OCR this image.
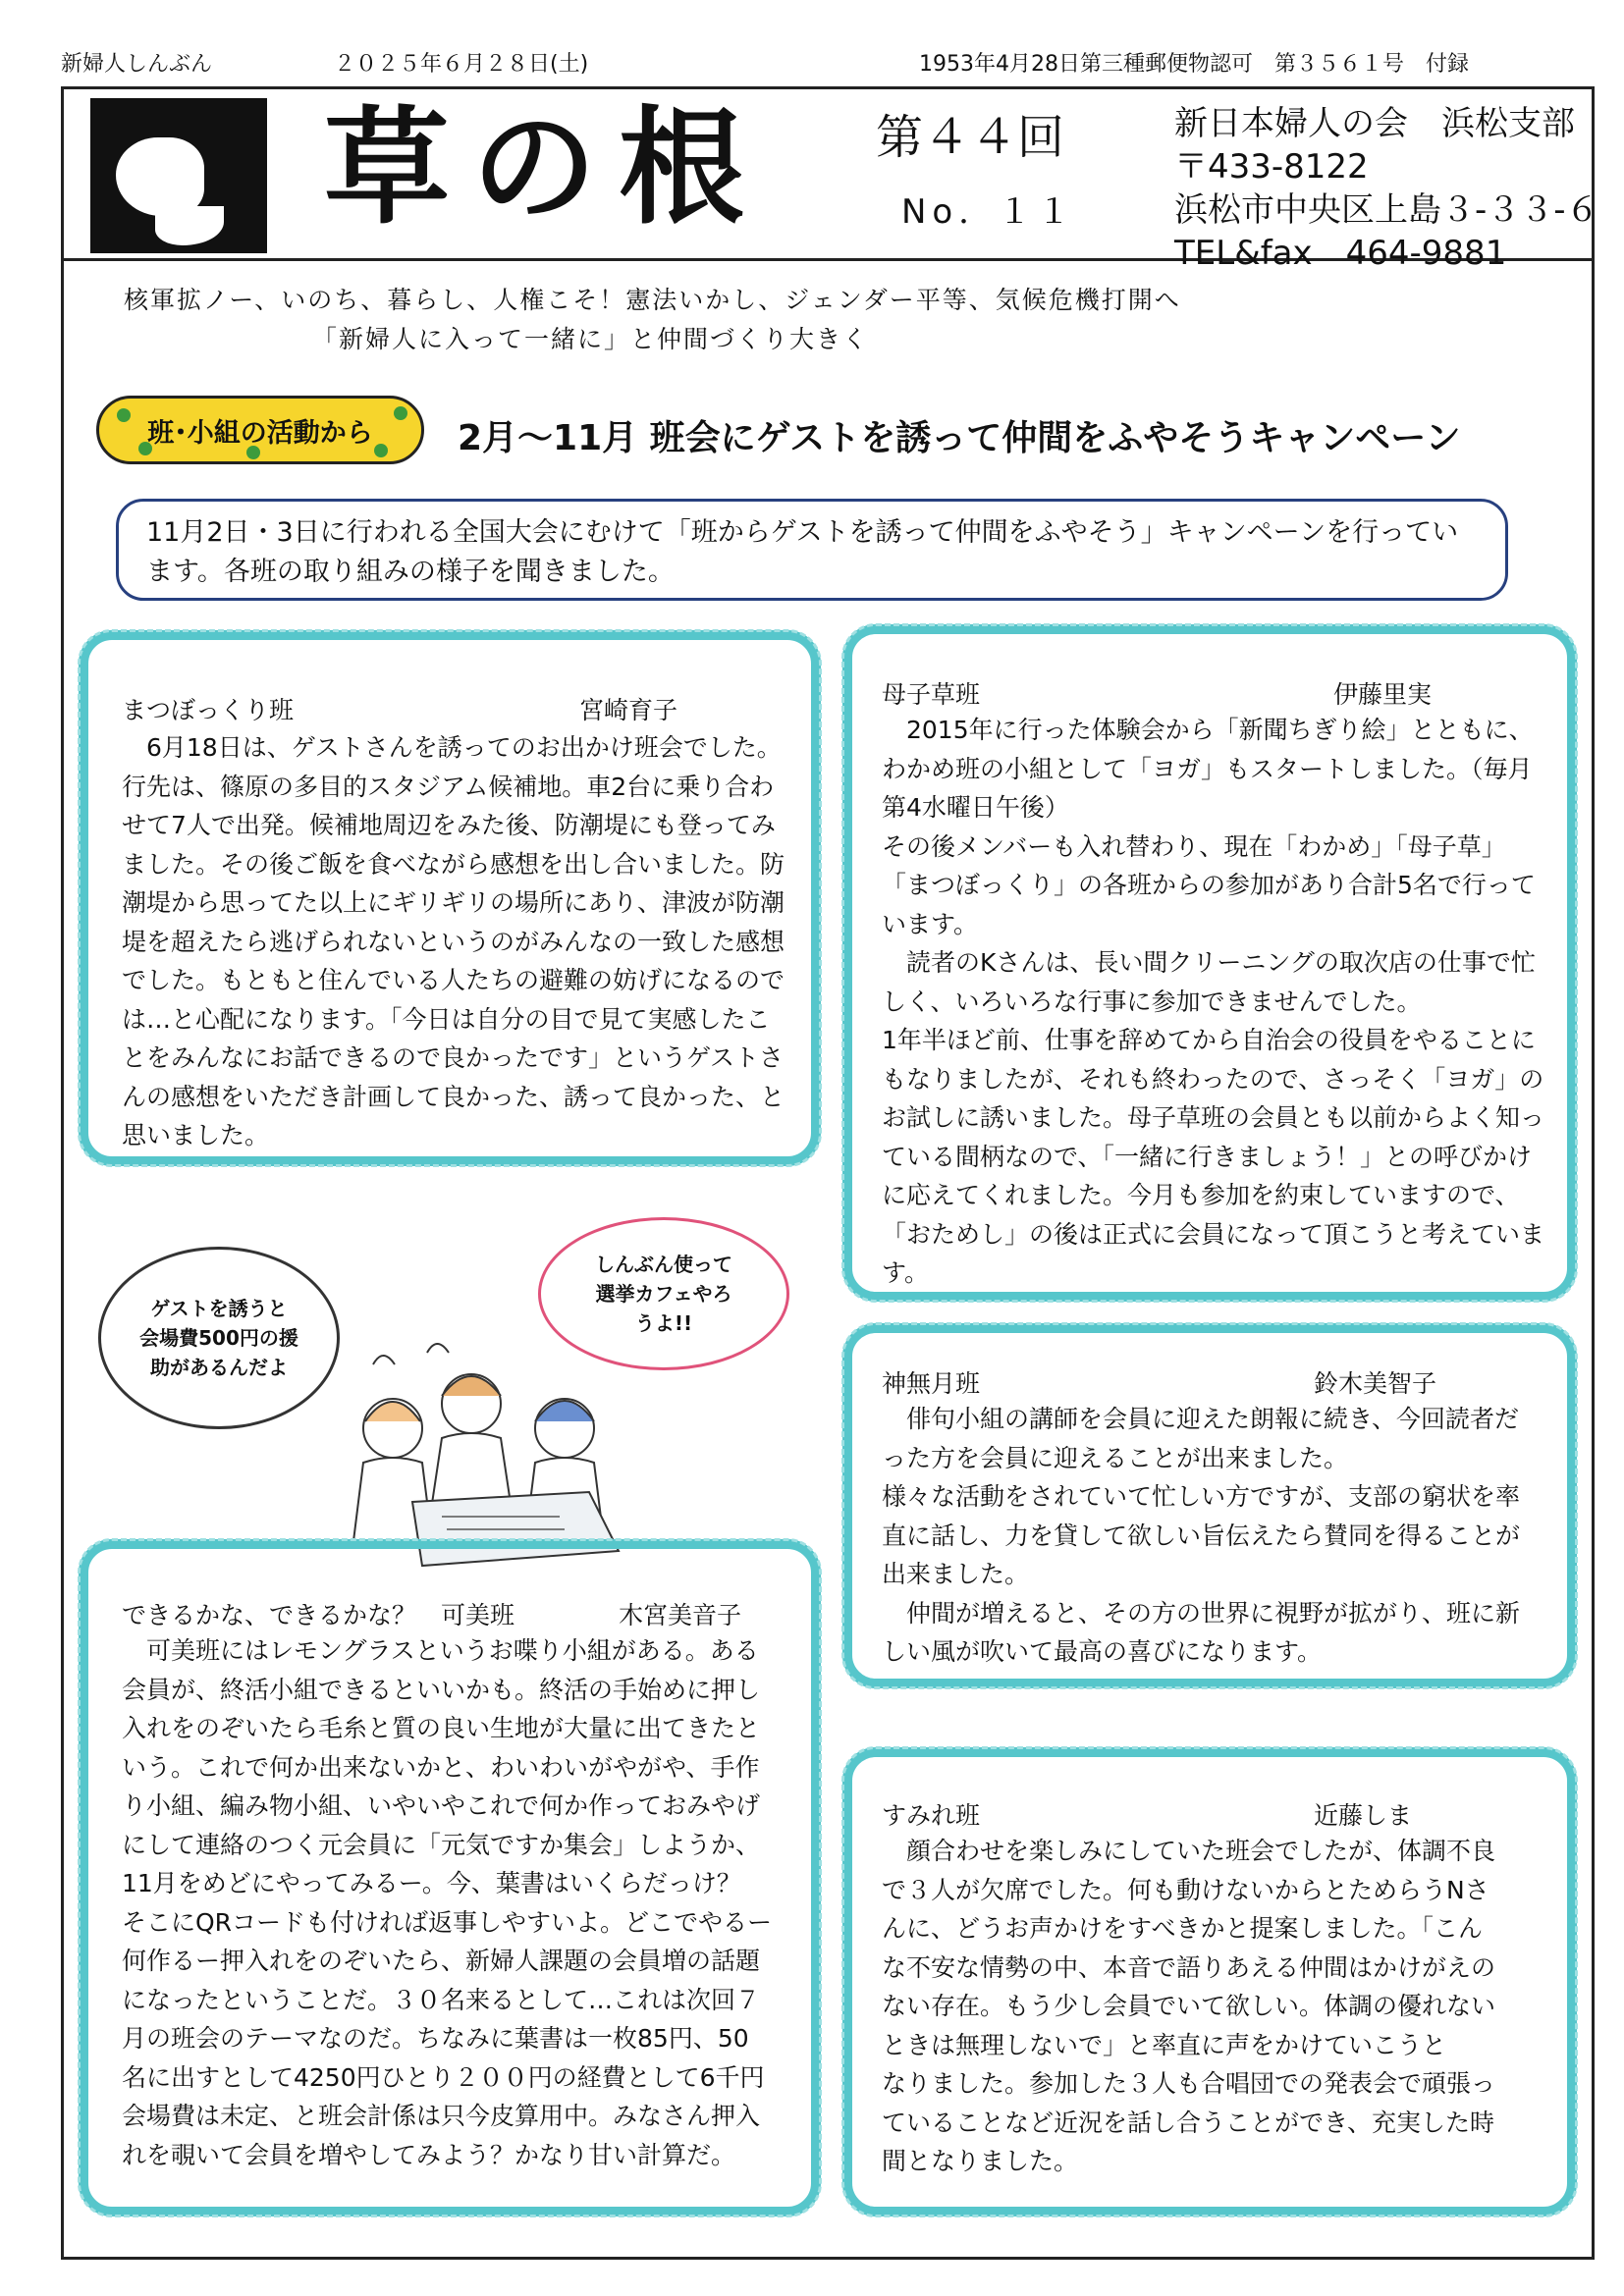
新婦人しんぶん	２０２５年６月２８日(土)	1953年4月28日第三種郵便物認可　第３５６１号　付録
草の根 第４４回
No．１１
新日本婦人の会　浜松支部
〒433-8122
浜松市中央区上島３-３３-６
TEL&fax　464-9881
核軍拡ノー、いのち、暮らし、人権こそ！憲法いかし、ジェンダー平等、気候危機打開へ
「新婦人に入って一緒に」と仲間づくり大きく
班･小組の活動から 2月～11月 班会にゲストを誘って仲間をふやそうキャンペーン
11月2日・3日に行われる全国大会にむけて「班からゲストを誘って仲間をふやそう」キャンペーンを行ってい
ます。各班の取り組みの様子を聞きました。
まつぼっくり班	宮崎育子
　6月18日は、ゲストさんを誘ってのお出かけ班会でした。
行先は、篠原の多目的スタジアム候補地。車2台に乗り合わ
せて7人で出発。候補地周辺をみた後、防潮堤にも登ってみ
ました。その後ご飯を食べながら感想を出し合いました。防
潮堤から思ってた以上にギリギリの場所にあり、津波が防潮
堤を超えたら逃げられないというのがみんなの一致した感想
でした。もともと住んでいる人たちの避難の妨げになるので
は…と心配になります。「今日は自分の目で見て実感したこ
とをみんなにお話できるので良かったです」というゲストさ
んの感想をいただき計画して良かった、誘って良かった、と
思いました。
母子草班	伊藤里実
　2015年に行った体験会から「新聞ちぎり絵」とともに、
わかめ班の小組として「ヨガ」もスタートしました。（毎月
第4水曜日午後）
その後メンバーも入れ替わり、現在「わかめ」「母子草」
「まつぼっくり」の各班からの参加があり合計5名で行って
います。
　読者のKさんは、長い間クリーニングの取次店の仕事で忙
しく、いろいろな行事に参加できませんでした。
1年半ほど前、仕事を辞めてから自治会の役員をやることに
もなりましたが、それも終わったので、さっそく「ヨガ」の
お試しに誘いました。母子草班の会員とも以前からよく知っ
ている間柄なので、「一緒に行きましょう！」との呼びかけ
に応えてくれました。今月も参加を約束していますので、
「おためし」の後は正式に会員になって頂こうと考えていま
す。
ゲストを誘うと
会場費500円の援
助があるんだよ
しんぶん使って
選挙カフェやろ
うよ!!
神無月班	鈴木美智子
　俳句小組の講師を会員に迎えた朗報に続き、今回読者だ
った方を会員に迎えることが出来ました。
様々な活動をされていて忙しい方ですが、支部の窮状を率
直に話し、力を貸して欲しい旨伝えたら賛同を得ることが
出来ました。
　仲間が増えると、その方の世界に視野が拡がり、班に新
しい風が吹いて最高の喜びになります。
できるかな、できるかな？　可美班	木宮美音子
　可美班にはレモングラスというお喋り小組がある。ある
会員が、終活小組できるといいかも。終活の手始めに押し
入れをのぞいたら毛糸と質の良い生地が大量に出てきたと
いう。これで何か出来ないかと、わいわいがやがや、手作
り小組、編み物小組、いやいやこれで何か作っておみやげ
にして連絡のつく元会員に「元気ですか集会」しようか、
11月をめどにやってみるー。今、葉書はいくらだっけ？
そこにQRコードも付ければ返事しやすいよ。どこでやるー
何作るー押入れをのぞいたら、新婦人課題の会員増の話題
になったということだ。３０名来るとして…これは次回７
月の班会のテーマなのだ。ちなみに葉書は一枚85円、50
名に出すとして4250円ひとり２００円の経費として6千円
会場費は未定、と班会計係は只今皮算用中。みなさん押入
れを覗いて会員を増やしてみよう？かなり甘い計算だ。
すみれ班	近藤しま
　顔合わせを楽しみにしていた班会でしたが、体調不良
で３人が欠席でした。何も動けないからとためらうNさ
んに、どうお声かけをすべきかと提案しました。「こん
な不安な情勢の中、本音で語りあえる仲間はかけがえの
ない存在。もう少し会員でいて欲しい。体調の優れない
ときは無理しないで」と率直に声をかけていこうと
なりました。参加した３人も合唱団での発表会で頑張っ
ていることなど近況を話し合うことができ、充実した時
間となりました。
